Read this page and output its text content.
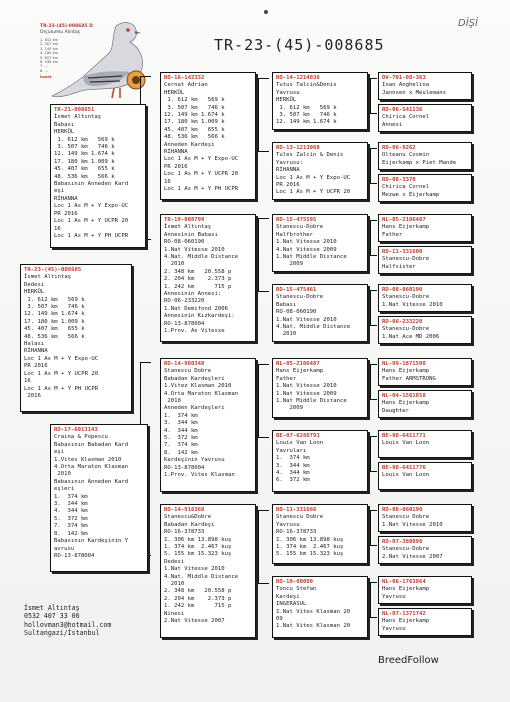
TR-23-(45)-008685 D
Orçulumlu Alıntaş
1. 612 km
2. 307 km
3. 149 km
4. 180 km
5. 657 km
6. 536 km
7. ...
8. ...
İsmet
TR-23-(45)-008685
DİŞİ
TR-23-(45)-008685
İsmet Altıntaş
Dedesi
HERKÜL
1. 612 km   569 k
3. 507 km   746 k
12. 149 km 1.674 k
17. 180 km 1.009 k
45. 407 km   655 k
48. 536 km   566 k
Halası
RİHANNA
Loc 1 As M + Y Expo-UC
PR 2016
Loc 1 As M + Y UCPR 20
16
Loc 1 As M + Y PH UCPR
2016
TR-21-008651
İsmet Altıntaş
Babası
HERKÜL
1. 612 km   569 k
3. 507 km   746 k
12. 149 km 1.674 k
17. 180 km 1.009 k
45. 407 km   655 k
48. 536 km   566 k
Babasının Anneden Kard
eşi
RİHANNA
Loc 1 As M + Y Expo-UC
PR 2016
Loc 1 As M + Y UCPR 20
16
Loc 1 As M + Y PH UCPR
RO-17-6013143
Craina & Popescu
Babasının Babadan Kard
eşi
1.Vites Klasman 2010
4.Orta Maraton Klasman
2010
Babasının Anneden Kard
eşleri
1.  374 km
3.  344 km
4.  344 km
5.  372 km
7.  374 km
8.  142 km
Babasının Kardeşinin Y
avrusu
RO-13-878004
RO-16-142332
Cernat Adrian
HERKÜL
1. 612 km   569 k
3. 507 km   746 k
12. 149 km 1.674 k
17. 180 km 1.009 k
45. 407 km   655 k
48. 536 km   566 k
Anneden Kardeşi
RİHANNA
Loc 1 As M + Y Expo-UC
PR 2016
Loc 1 As M + Y UCPR 20
16
Loc 1 As M + Y PH UCPR
TR-19-008799
İsmet Altıntaş
Annesinin Babası
RO-08-060190
1.Nat Vitesse 2010
4.Nat. Middle Distance
2010
2. 348 km   20.558 p
2. 204 km    2.373 p
1. 242 km      715 p
Annesinin Annesi:
RO-06-233220
1.Nat Demifond 2006
Annesinin Kızkardeşi:
RO-13-878004
1.Prov. As Vitesse
RO-14-980348
Stanescu Dobre
Babadan Kardeşleri
1.Vitez Klasman 2010
4.Orta Maraton Klasman
2010
Anneden Kardeşleri
1.  374 km
3.  344 km
4.  344 km
5.  372 km
7.  374 km
8.  142 km
Kardeşinin Yavrusu
RO-13-878004
1.Prov. Vites Klasman
RO-14-916368
Stanescu&Dobre
Babadan Kardeşi
RO-16-378733
1. 306 km 13.898 kuş
1. 374 km  2.467 kuş
5. 155 km 15.323 kuş
Dedesi
1.Nat Vitesse 2010
4.Nat. Middle Distance
2010
2. 348 km   20.558 p
2. 204 km    2.373 p
1. 242 km      715 p
Ninesi
2.Nat Vitesse 2007
RO-14-1214036
Tutus Talcin&Denis
Yavrusu
HERKÜL
1. 612 km   569 k
3. 507 km   746 k
12. 149 km 1.674 k
RO-13-1213068
Tules Zalcin & Denis
Yavrusu:
RİHANNA
Loc 1 As M + Y Expo-UC
PR 2016
Loc 1 As M + Y UCPR 20
RO-15-475595
Stanescu-Dobre
Halfbrother
1.Nat Vitesse 2010
4.Nat Vitesse 2009
1.Nat Middle Distance
2009
RO-15-475461
Stanescu-Dobre
Babası
RO-08-060190
1.Nat Vitesse 2010
4.Nat. Middle Distance
2010
NL-05-2106487
Hans Eijerkamp
Father
1.Nat Vitesse 2010
1.Nat Vitesse 2009
1.Nat Middle Distance
2009
BE-07-6288793
Louis Van Loon
Yavruları
1.  374 km
3.  344 km
4.  344 km
6.  372 km
RO-11-331666
Stanescu Dobre
Yavrusu
RO-16-378733
1. 306 km 13.898 kuş
1. 374 km  2.467 kuş
5. 155 km 15.323 kuş
RO-10-00090
Toncu Stefan
Kardeşi
INGERASUL
1.Nat Vites Klasman 20
09
1.Nat Vites Klasman 20
DV-701-08-363
Ioan Anghelina
Jannsen x Meulemans
RO-06-541136
Chirica Cornel
Annesi
RO-06-9262
Olteanu Cosmin
Eijerkamp x Piet Mande
RO-08-3370
Chirica Cornel
Mezwe x Eijerkamp
NL-05-2106487
Hans Eijerkamp
Father
RO-11-331600
Stanescu-Dobre
Halfsister
RO-08-060190
Stanescu-Dobre
1.Nat Vitesse 2010
RO-06-233220
Stanescu-Dobre
1.Nat Ace MD 2006
NL-99-1871500
Hans Eijerkamp
Father ARMSTRONG
NL-04-1561858
Hans Eijerkamp
Daughter
BE-98-6411771
Louis Van Loon
BE-98-6411776
Louis Van Loon
RO-08-060190
Stanescu Dobre
1.Nat Vitesse 2010
RO-07-380098
Stanescu-Dobre
2.Nat Vitesse 2007
NL-06-1763864
Hans Eijerkamp
Yavrusu
NL-07-1371742
Hans Eijerkamp
Yavrusu
İsmet Altıntaş
0532 407 33 06
hollovman3@hotmail.com
Sultangazi/İstanbul
BreedFollow
